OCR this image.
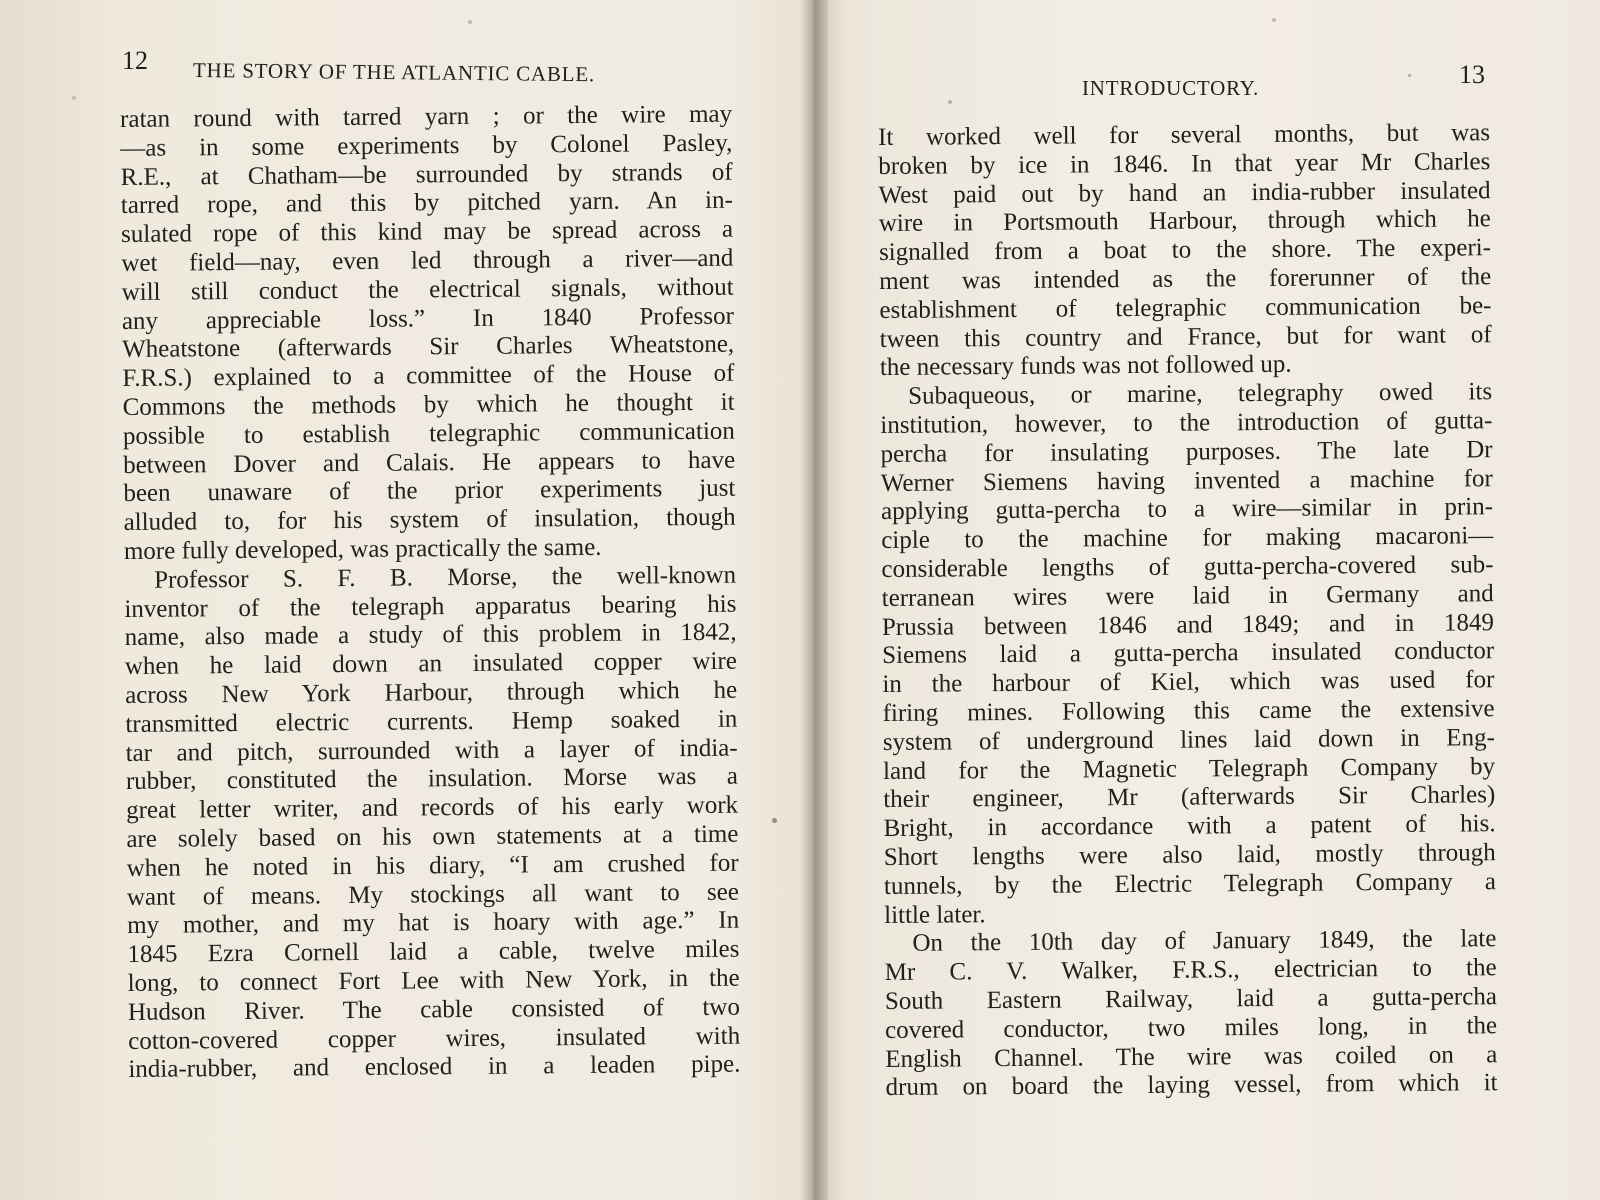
12 THE STORY OF THE ATLANTIC CABLE.
ratan round with tarred yarn ; or the wire may
—as in some experiments by Colonel Pasley,
R.E., at Chatham—be surrounded by strands of
tarred rope, and this by pitched yarn. An in-
sulated rope of this kind may be spread across a
wet field—nay, even led through a river—and
will still conduct the electrical signals, without
any appreciable loss.” In 1840 Professor
Wheatstone (afterwards Sir Charles Wheatstone,
F.R.S.) explained to a committee of the House of
Commons the methods by which he thought it
possible to establish telegraphic communication
between Dover and Calais. He appears to have
been unaware of the prior experiments just
alluded to, for his system of insulation, though
more fully developed, was practically the same.
Professor S. F. B. Morse, the well-known
inventor of the telegraph apparatus bearing his
name, also made a study of this problem in 1842,
when he laid down an insulated copper wire
across New York Harbour, through which he
transmitted electric currents. Hemp soaked in
tar and pitch, surrounded with a layer of india-
rubber, constituted the insulation. Morse was a
great letter writer, and records of his early work
are solely based on his own statements at a time
when he noted in his diary, “I am crushed for
want of means. My stockings all want to see
my mother, and my hat is hoary with age.” In
1845 Ezra Cornell laid a cable, twelve miles
long, to connect Fort Lee with New York, in the
Hudson River. The cable consisted of two
cotton-covered copper wires, insulated with
india-rubber, and enclosed in a leaden pipe.
INTRODUCTORY.	13
It worked well for several months, but was
broken by ice in 1846. In that year Mr Charles
West paid out by hand an india-rubber insulated
wire in Portsmouth Harbour, through which he
signalled from a boat to the shore. The experi-
ment was intended as the forerunner of the
establishment of telegraphic communication be-
tween this country and France, but for want of
the necessary funds was not followed up.
Subaqueous, or marine, telegraphy owed its
institution, however, to the introduction of gutta-
percha for insulating purposes. The late Dr
Werner Siemens having invented a machine for
applying gutta-percha to a wire—similar in prin-
ciple to the machine for making macaroni—
considerable lengths of gutta-percha-covered sub-
terranean wires were laid in Germany and
Prussia between 1846 and 1849; and in 1849
Siemens laid a gutta-percha insulated conductor
in the harbour of Kiel, which was used for
firing mines. Following this came the extensive
system of underground lines laid down in Eng-
land for the Magnetic Telegraph Company by
their engineer, Mr (afterwards Sir Charles)
Bright, in accordance with a patent of his.
Short lengths were also laid, mostly through
tunnels, by the Electric Telegraph Company a
little later.
On the 10th day of January 1849, the late
Mr C. V. Walker, F.R.S., electrician to the
South Eastern Railway, laid a gutta-percha
covered conductor, two miles long, in the
English Channel. The wire was coiled on a
drum on board the laying vessel, from which it
